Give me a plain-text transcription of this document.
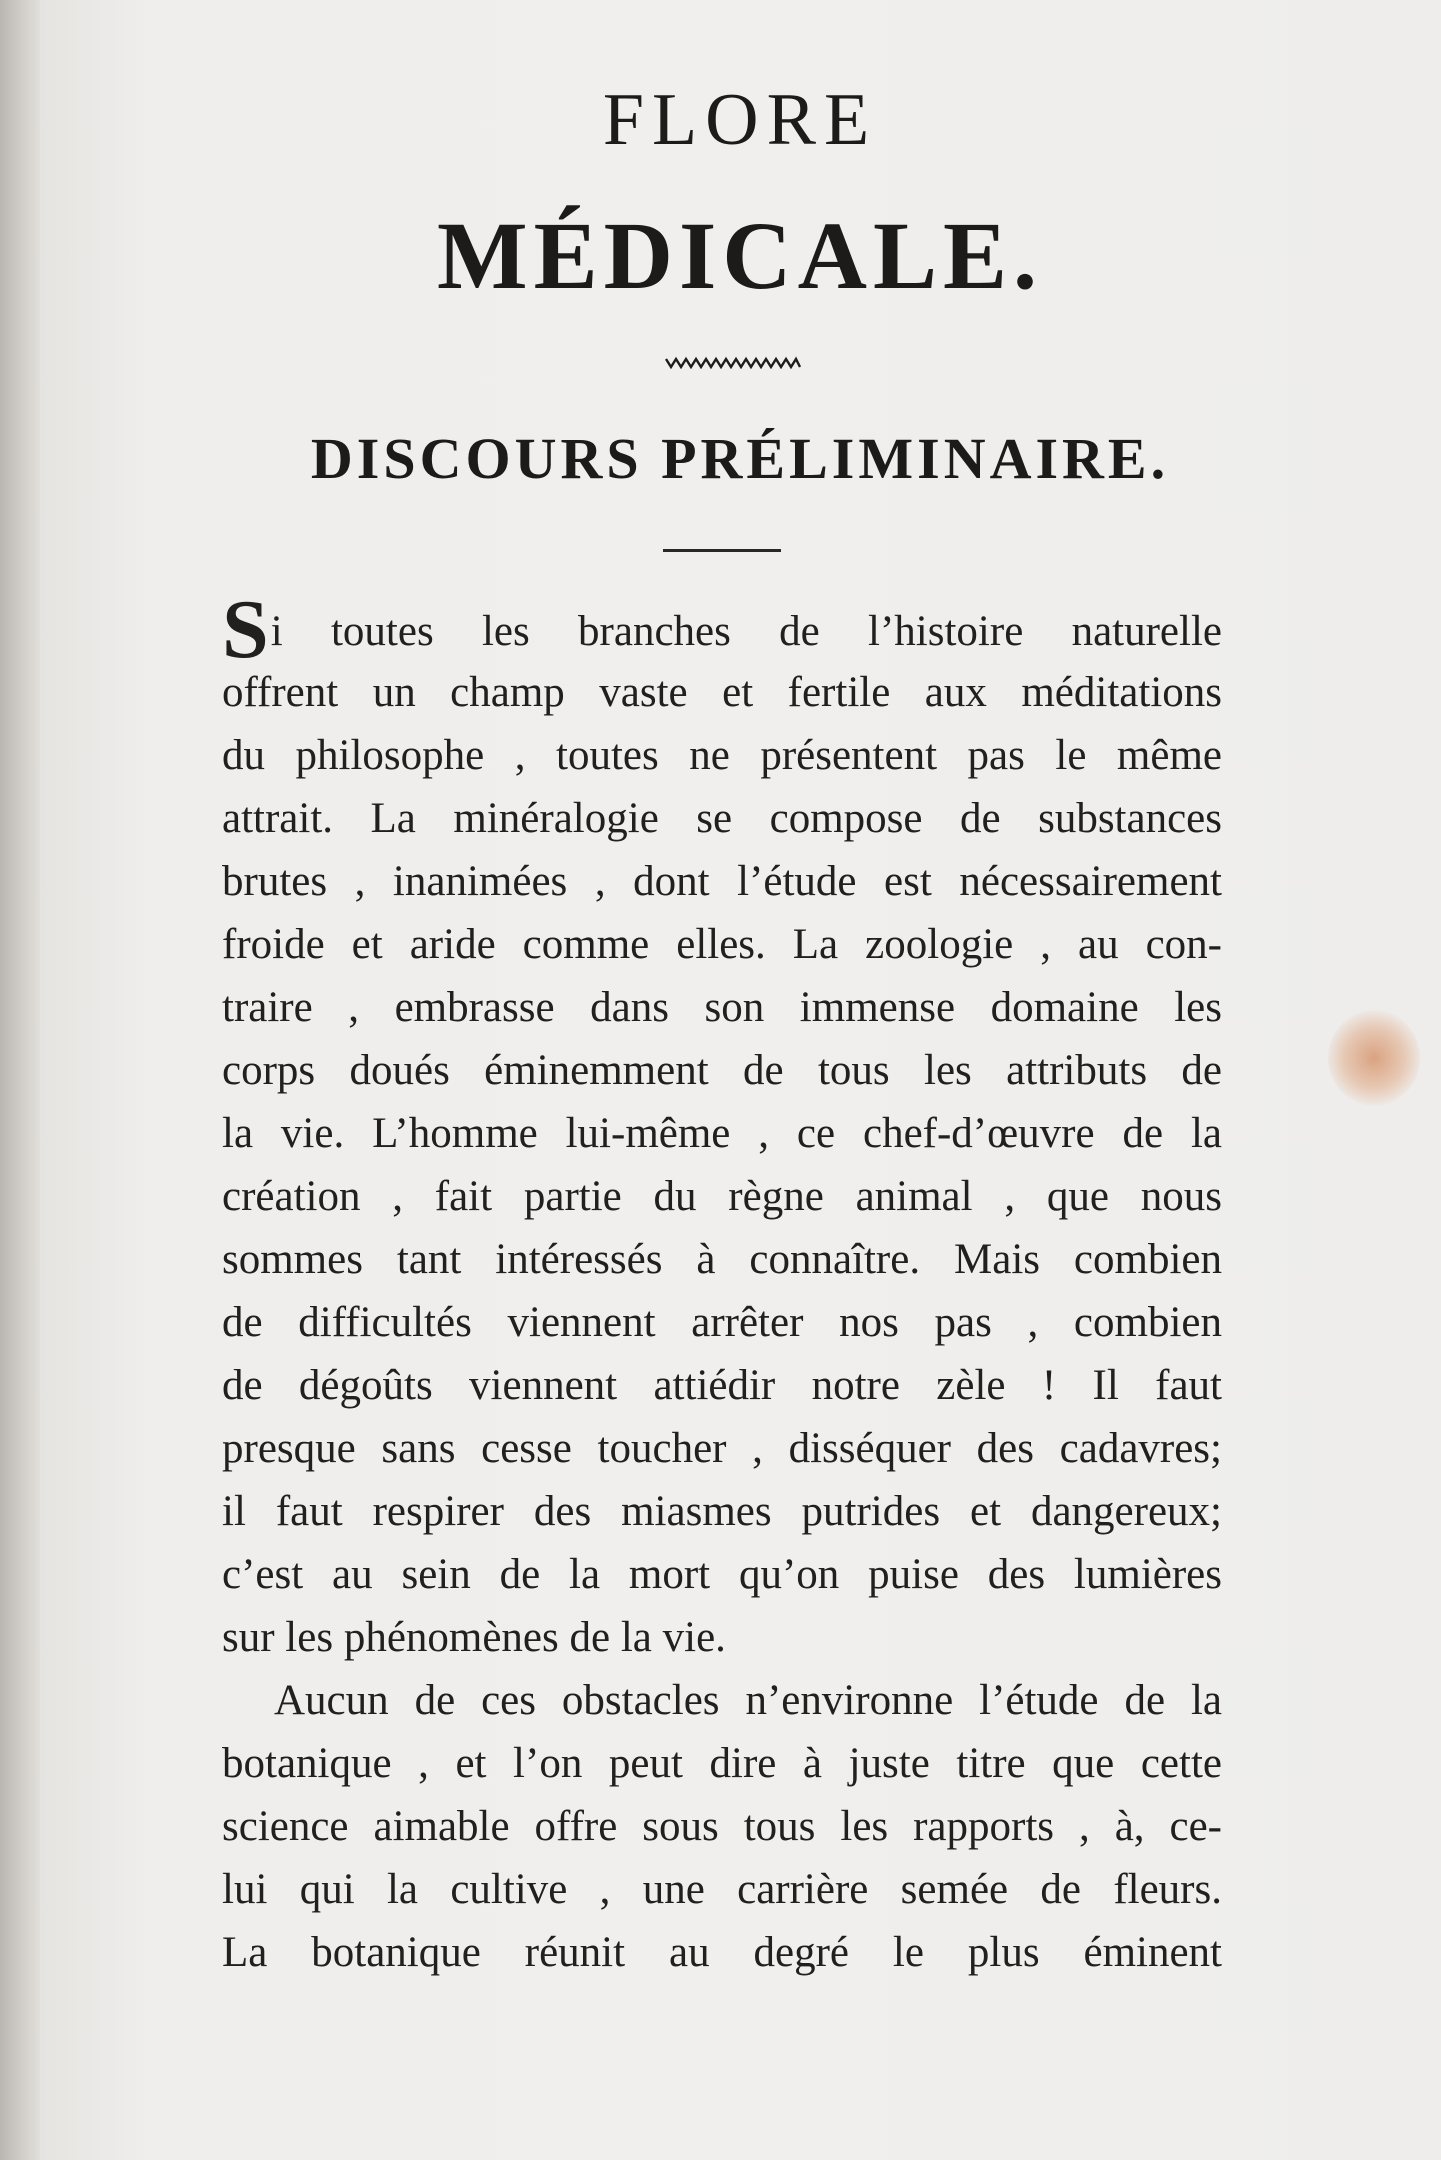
FLORE
MÉDICALE.
DISCOURS PRÉLIMINAIRE.
Si toutes les branches de l’histoire naturelle
offrent un champ vaste et fertile aux méditations
du philosophe , toutes ne présentent pas le même
attrait. La minéralogie se compose de substances
brutes , inanimées , dont l’étude est nécessairement
froide et aride comme elles. La zoologie , au con-
traire , embrasse dans son immense domaine les
corps doués éminemment de tous les attributs de
la vie. L’homme lui-même , ce chef-d’œuvre de la
création , fait partie du règne animal , que nous
sommes tant intéressés à connaître. Mais combien
de difficultés viennent arrêter nos pas , combien
de dégoûts viennent attiédir notre zèle ! Il faut
presque sans cesse toucher , disséquer des cadavres;
il faut respirer des miasmes putrides et dangereux;
c’est au sein de la mort qu’on puise des lumières
sur les phénomènes de la vie.
Aucun de ces obstacles n’environne l’étude de la
botanique , et l’on peut dire à juste titre que cette
science aimable offre sous tous les rapports , à, ce-
lui qui la cultive , une carrière semée de fleurs.
La botanique réunit au degré le plus éminent
